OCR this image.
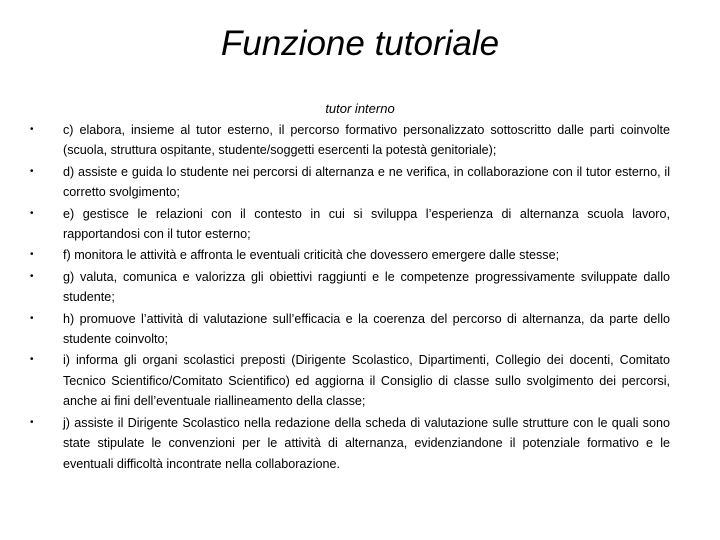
Funzione tutoriale
tutor interno
• c) elabora, insieme al tutor esterno, il percorso formativo personalizzato sottoscritto dalle parti coinvolte (scuola, struttura ospitante, studente/soggetti esercenti la potestà genitoriale);
• d) assiste e guida lo studente nei percorsi di alternanza e ne verifica, in collaborazione con il tutor esterno, il corretto svolgimento;
• e) gestisce le relazioni con il contesto in cui si sviluppa l’esperienza di alternanza scuola lavoro, rapportandosi con il tutor esterno;
• f) monitora le attività e affronta le eventuali criticità che dovessero emergere dalle stesse;
• g) valuta, comunica e valorizza gli obiettivi raggiunti e le competenze progressivamente sviluppate dallo studente;
• h) promuove l’attività di valutazione sull’efficacia e la coerenza del percorso di alternanza, da parte dello studente coinvolto;
• i) informa gli organi scolastici preposti (Dirigente Scolastico, Dipartimenti, Collegio dei docenti, Comitato Tecnico Scientifico/Comitato Scientifico) ed aggiorna il Consiglio di classe sullo svolgimento dei percorsi, anche ai fini dell’eventuale riallineamento della classe;
• j) assiste il Dirigente Scolastico nella redazione della scheda di valutazione sulle strutture con le quali sono state stipulate le convenzioni per le attività di alternanza, evidenziandone il potenziale formativo e le eventuali difficoltà incontrate nella collaborazione.
